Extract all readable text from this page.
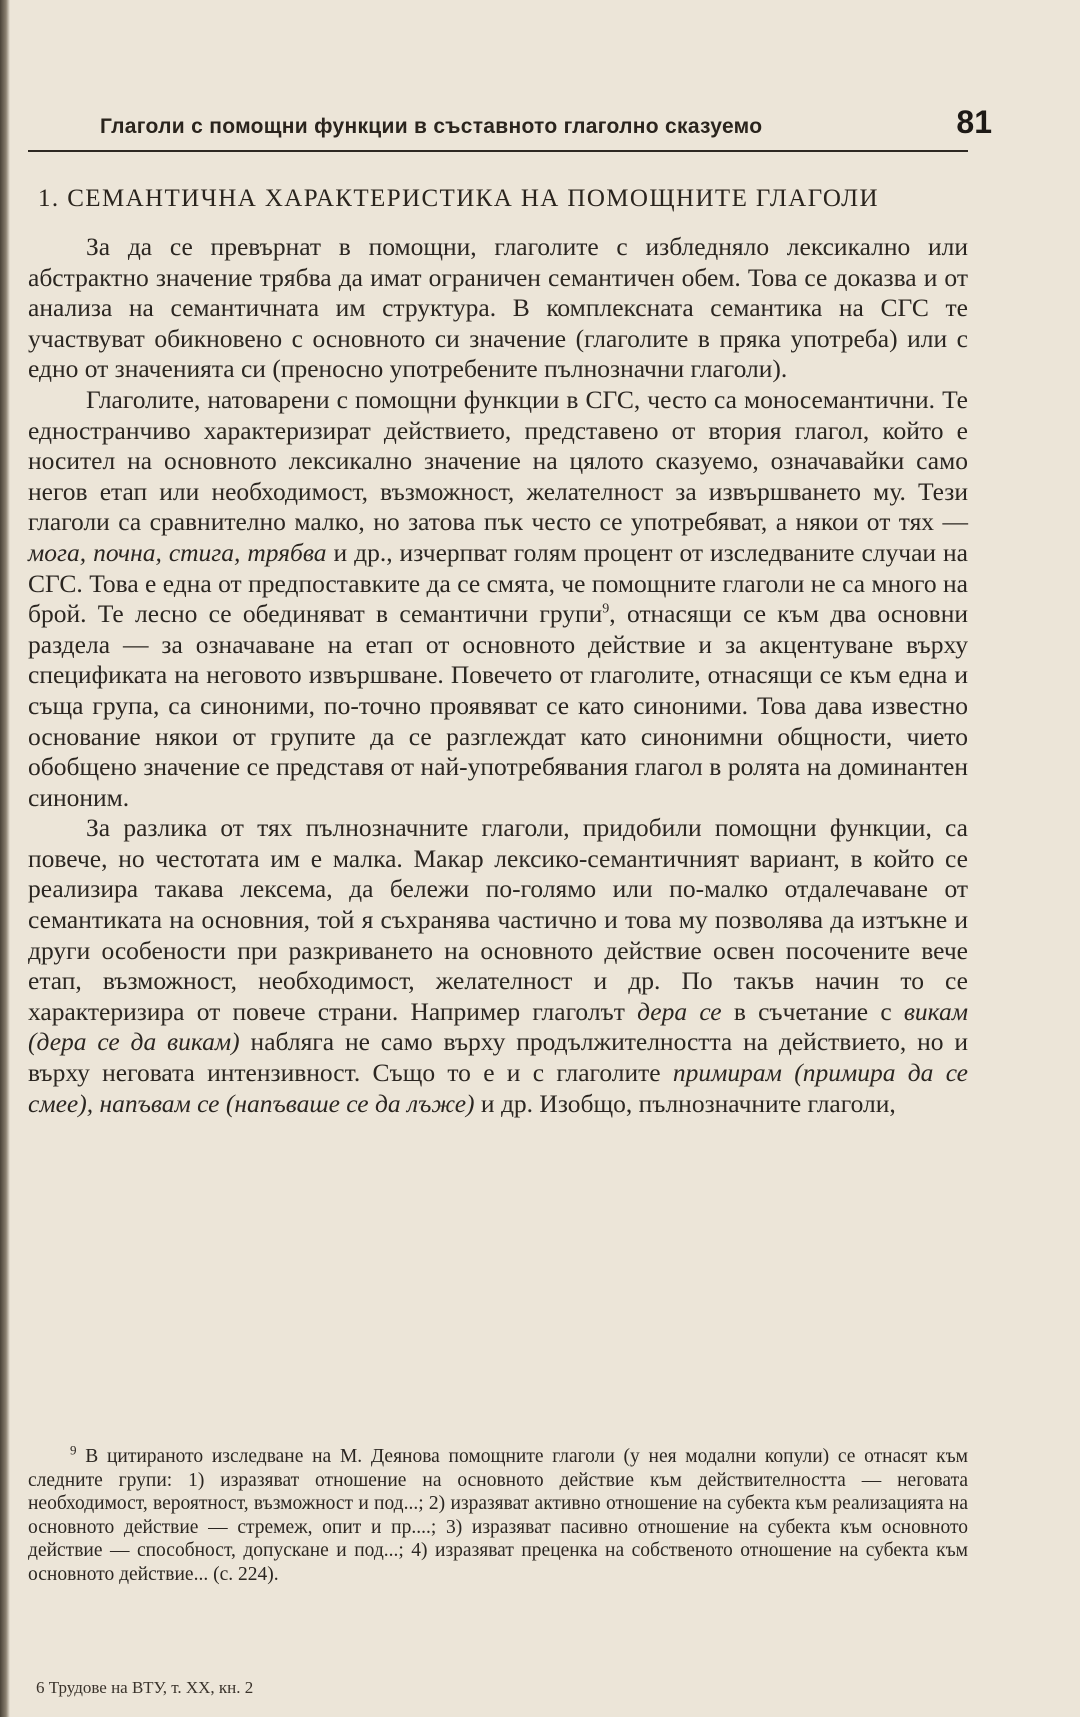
Глаголи с помощни функции в съставното глаголно сказуемо	81
1. СЕМАНТИЧНА ХАРАКТЕРИСТИКА НА ПОМОЩНИТЕ ГЛАГОЛИ

За да се превърнат в помощни, глаголите с избледняло лексикално или абстрактно значение трябва да имат ограничен семантичен обем. Това се доказва и от анализа на семантичната им структура. В комплексната семантика на СГС те участвуват обикновено с основното си значение (глаголите в пряка употреба) или с едно от значенията си (преносно употребените пълнозначни глаголи).

Глаголите, натоварени с помощни функции в СГС, често са моносемантични. Те едностранчиво характеризират действието, представено от втория глагол, който е носител на основното лексикално значение на цялото сказуемо, означавайки само негов етап или необходимост, възможност, желателност за извършването му. Тези глаголи са сравнително малко, но затова пък често се употребяват, а някои от тях — мога, почна, стига, трябва и др., изчерпват голям процент от изследваните случаи на СГС. Това е една от предпоставките да се смята, че помощните глаголи не са много на брой. Те лесно се обединяват в семантични групи$^9$, отнасящи се към два основни раздела — за означаване на етап от основното действие и за акцентуване върху спецификата на неговото извършване. Повечето от глаголите, отнасящи се към една и съща група, са синоними, по-точно проявяват се като синоними. Това дава известно основание някои от групите да се разглеждат като синонимни общности, чието обобщено значение се представя от най-употребявания глагол в ролята на доминантен синоним.

За разлика от тях пълнозначните глаголи, придобили помощни функции, са повече, но честотата им е малка. Макар лексико-семантичният вариант, в който се реализира такава лексема, да бележи по-голямо или по-малко отдалечаване от семантиката на основния, той я съхранява частично и това му позволява да изтъкне и други особености при разкриването на основното действие освен посочените вече етап, възможност, необходимост, желателност и др. По такъв начин то се характеризира от повече страни. Например глаголът дера се в съчетание с викам (дера се да викам) набляга не само върху продължителността на действието, но и върху неговата интензивност. Също то е и с глаголите примирам (примира да се смее), напъвам се (напъваше се да лъже) и др. Изобщо, пълнозначните глаголи,

$^9$ В цитираното изследване на М. Деянова помощните глаголи (у нея модални копули) се отнасят към следните групи: 1) изразяват отношение на основното действие към действителността — неговата необходимост, вероятност, възможност и под...; 2) изразяват активно отношение на субекта към реализацията на основното действие — стремеж, опит и пр....; 3) изразяват пасивно отношение на субекта към основното действие — способност, допускане и под...; 4) изразяват преценка на собственото отношение на субекта към основното действие... (с. 224).

6 Трудове на ВТУ, т. XX, кн. 2
